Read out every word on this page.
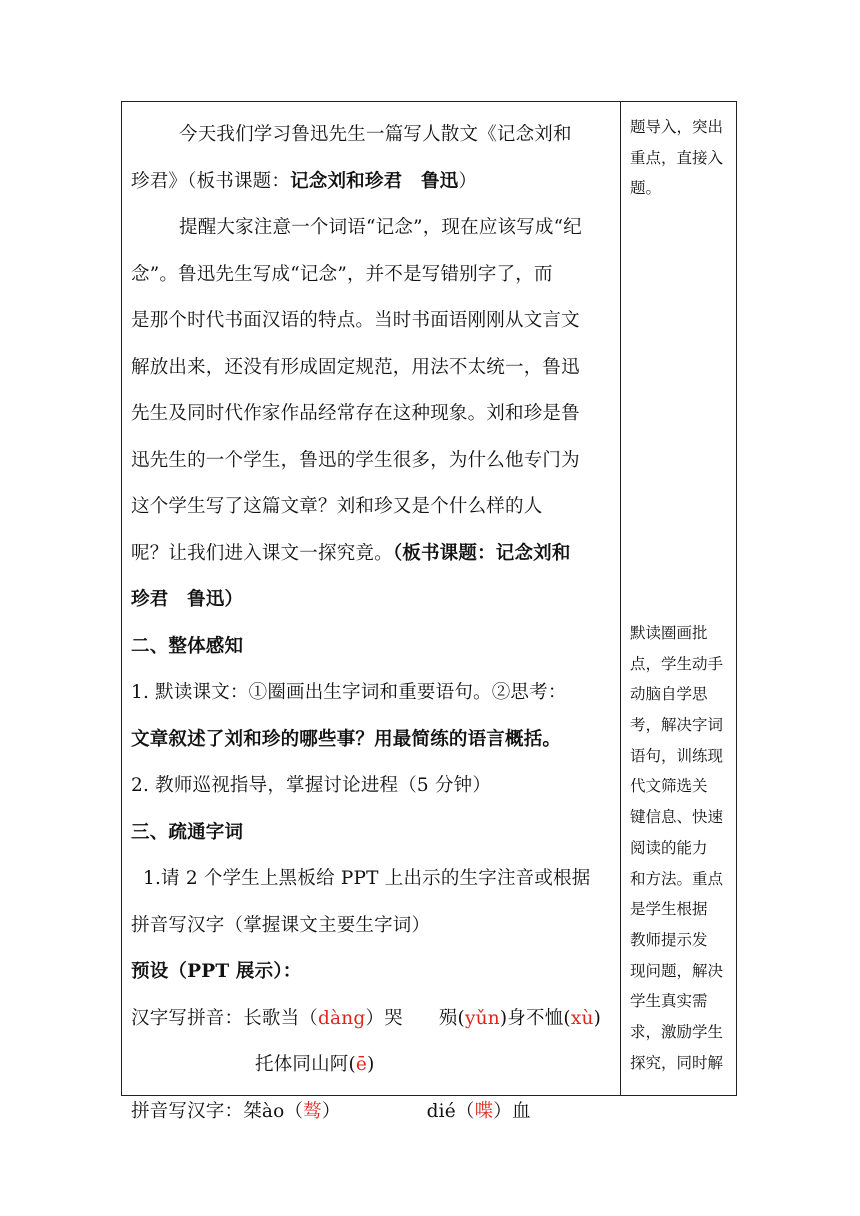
今天我们学习鲁迅先生一篇写人散文《记念刘和
珍君》（板书课题：记念刘和珍君　鲁迅）
提醒大家注意一个词语“记念”，现在应该写成“纪
念”。鲁迅先生写成“记念”，并不是写错别字了，而
是那个时代书面汉语的特点。当时书面语刚刚从文言文
解放出来，还没有形成固定规范，用法不太统一，鲁迅
先生及同时代作家作品经常存在这种现象。刘和珍是鲁
迅先生的一个学生，鲁迅的学生很多，为什么他专门为
这个学生写了这篇文章？刘和珍又是个什么样的人
呢？让我们进入课文一探究竟。（板书课题：记念刘和
珍君　鲁迅）
二、整体感知
1. 默读课文：①圈画出生字词和重要语句。②思考：
文章叙述了刘和珍的哪些事？用最简练的语言概括。
2. 教师巡视指导，掌握讨论进程（5 分钟）
三、疏通字词
1.请 2 个学生上黑板给 PPT 上出示的生字注音或根据
拼音写汉字（掌握课文主要生字词）
预设（PPT 展示）：
汉字写拼音：长歌当（dàng）哭 殒(yǔn)身不恤(xù)
托体同山阿(ē)
拼音写汉字：桀ào（骜）	dié（喋）血
题导入，突出
重点，直接入
题。
默读圈画批
点，学生动手
动脑自学思
考，解决字词
语句，训练现
代文筛选关
键信息、快速
阅读的能力
和方法。重点
是学生根据
教师提示发
现问题，解决
学生真实需
求，激励学生
探究，同时解
